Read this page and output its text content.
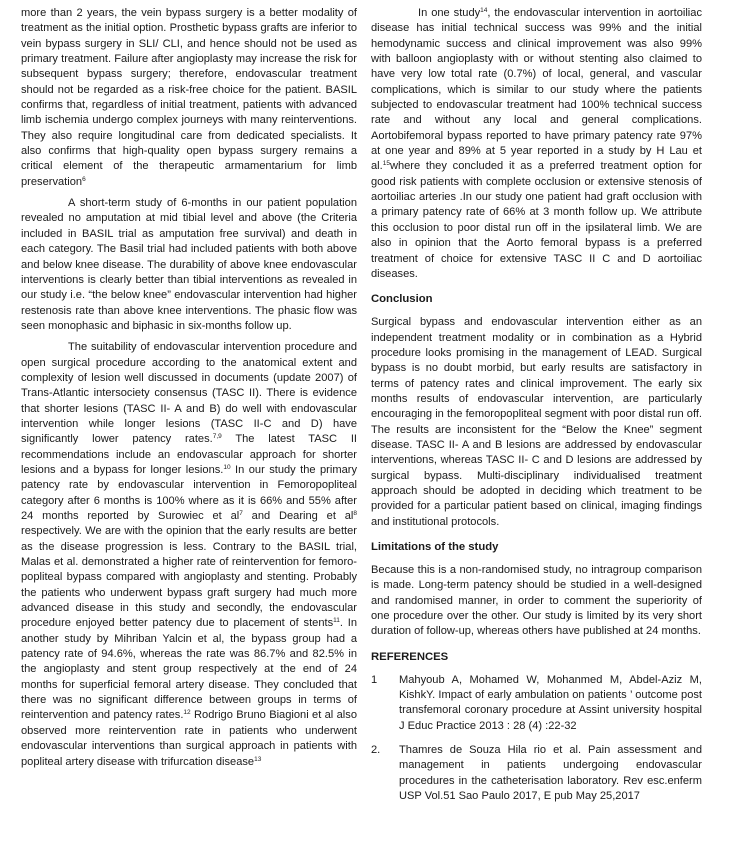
more than 2 years, the vein bypass surgery is a better modality of treatment as the initial option. Prosthetic bypass grafts are inferior to vein bypass surgery in SLI/ CLI, and hence should not be used as primary treatment. Failure after angioplasty may increase the risk for subsequent bypass surgery; therefore, endovascular treatment should not be regarded as a risk-free choice for the patient. BASIL confirms that, regardless of initial treatment, patients with advanced limb ischemia undergo complex journeys with many reinterventions. They also require longitudinal care from dedicated specialists. It also confirms that high-quality open bypass surgery remains a critical element of the therapeutic armamentarium for limb preservation$^6$

A short-term study of 6-months in our patient population revealed no amputation at mid tibial level and above (the Criteria included in BASIL trial as amputation free survival) and death in each category. The Basil trial had included patients with both above and below knee disease. The durability of above knee endovascular interventions is clearly better than tibial interventions as revealed in our study i.e. “the below knee” endovascular intervention had higher restenosis rate than above knee interventions. The phasic flow was seen monophasic and biphasic in six-months follow up.

The suitability of endovascular intervention procedure and open surgical procedure according to the anatomical extent and complexity of lesion well discussed in documents (update 2007) of Trans-Atlantic intersociety consensus (TASC II). There is evidence that shorter lesions (TASC II- A and B) do well with endovascular intervention while longer lesions (TASC II-C and D) have significantly lower patency rates.$^{7,9}$ The latest TASC II recommendations include an endovascular approach for shorter lesions and a bypass for longer lesions.$^{10}$ In our study the primary patency rate by endovascular intervention in Femoropopliteal category after 6 months is 100% where as it is 66% and 55% after 24 months reported by Surowiec et $al^7$ and Dearing et $al^8$ respectively. We are with the opinion that the early results are better as the disease progression is less. Contrary to the BASIL trial, Malas et al. demonstrated a higher rate of reintervention for femoro-popliteal bypass compared with angioplasty and stenting. Probably the patients who underwent bypass graft surgery had much more advanced disease in this study and secondly, the endovascular procedure enjoyed better patency due to placement of stents$^{11}$. In another study by Mihriban Yalcin et al, the bypass group had a patency rate of 94.6%, whereas the rate was 86.7% and 82.5% in the angioplasty and stent group respectively at the end of 24 months for superficial femoral artery disease. They concluded that there was no significant difference between groups in terms of reintervention and patency rates.$^{12}$ Rodrigo Bruno Biagioni et al also observed more reintervention rate in patients who underwent endovascular interventions than surgical approach in patients with popliteal artery disease with trifurcation disease$^{13}$

In one study$^{14}$, the endovascular intervention in aortoiliac disease has initial technical success was 99% and the initial hemodynamic success and clinical improvement was also 99% with balloon angioplasty with or without stenting also claimed to have very low total rate (0.7%) of local, general, and vascular complications, which is similar to our study where the patients subjected to endovascular treatment had 100% technical success rate and without any local and general complications. Aortobifemoral bypass reported to have primary patency rate 97% at one year and 89% at 5 year reported in a study by H Lau et al.$^{15}$where they concluded it as a preferred treatment option for good risk patients with complete occlusion or extensive stenosis of aortoiliac arteries .In our study one patient had graft occlusion with a primary patency rate of 66% at 3 month follow up. We attribute this occlusion to poor distal run off in the ipsilateral limb. We are also in opinion that the Aorto femoral bypass is a preferred treatment of choice for extensive TASC II C and D aortoiliac diseases.

Conclusion

Surgical bypass and endovascular intervention either as an independent treatment modality or in combination as a Hybrid procedure looks promising in the management of LEAD. Surgical bypass is no doubt morbid, but early results are satisfactory in terms of patency rates and clinical improvement. The early six months results of endovascular intervention, are particularly encouraging in the femoropopliteal segment with poor distal run off. The results are inconsistent for the “Below the Knee” segment disease. TASC II- A and B lesions are addressed by endovascular interventions, whereas TASC II- C and D lesions are addressed by surgical bypass. Multi-disciplinary individualised treatment approach should be adopted in deciding which treatment to be provided for a particular patient based on clinical, imaging findings and institutional protocols.

Limitations of the study

Because this is a non-randomised study, no intragroup comparison is made. Long-term patency should be studied in a well-designed and randomised manner, in order to comment the superiority of one procedure over the other. Our study is limited by its very short duration of follow-up, whereas others have published at 24 months.

REFERENCES
1	Mahyoub A, Mohamed W, Mohanmed M, Abdel-Aziz M, KishkY. Impact of early ambulation on patients ’ outcome post transfemoral coronary procedure at Assint university hospital J Educ Practice 2013 : 28 (4) :22-32
2.	Thamres de Souza Hila rio et al. Pain assessment and management in patients undergoing endovascular procedures in the catheterisation laboratory. Rev esc.enferm USP Vol.51 Sao Paulo 2017, E pub May 25,2017
